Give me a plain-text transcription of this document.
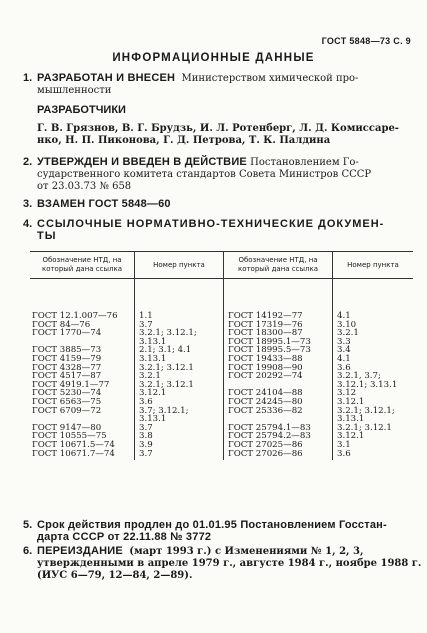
ГОСТ 5848—73 С. 9
ИНФОРМАЦИОННЫЕ ДАННЫЕ
1. РАЗРАБОТАН И ВНЕСЕН Министерством химической про-
мышленности
РАЗРАБОТЧИКИ
Г. В. Грязнов, В. Г. Брудзь, И. Л. Ротенберг, Л. Д. Комиссаре-
нко, Н. П. Пиконова, Г. Д. Петрова, Т. К. Палдина
2. УТВЕРЖДЕН И ВВЕДЕН В ДЕЙСТВИЕ Постановлением Го-
сударственного комитета стандартов Совета Министров СССР
от 23.03.73 № 658
3. ВЗАМЕН ГОСТ 5848—60
4. ССЫЛОЧНЫЕ НОРМАТИВНО-ТЕХНИЧЕСКИЕ ДОКУМЕН-
ТЫ
Обозначение НТД, на который дана ссылка	Номер пункта	Обозначение НТД, на который дана ссылка	Номер пункта
ГОСТ 12.1.007—76	1.1	ГОСТ 14192—77	4.1
ГОСТ 84—76	3.7	ГОСТ 17319—76	3.10
ГОСТ 1770—74	3.2.1; 3.12.1;	ГОСТ 18300—87	3.2.1
	3.13.1	ГОСТ 18995.1—73	3.3
ГОСТ 3885—73	2.1; 3.1; 4.1	ГОСТ 18995.5—73	3.4
ГОСТ 4159—79	3.13.1	ГОСТ 19433—88	4.1
ГОСТ 4328—77	3.2.1; 3.12.1	ГОСТ 19908—90	3.6
ГОСТ 4517—87	3.2.1	ГОСТ 20292—74	3.2.1, 3.7;
ГОСТ 4919.1—77	3.2.1; 3.12.1		3.12.1; 3.13.1
ГОСТ 5230—74	3.12.1	ГОСТ 24104—88	3.12
ГОСТ 6563—75	3.6	ГОСТ 24245—80	3.12.1
ГОСТ 6709—72	3.7; 3.12.1;	ГОСТ 25336—82	3.2.1; 3.12.1;
	3.13.1		3.13.1
ГОСТ 9147—80	3.7	ГОСТ 25794.1—83	3.2.1; 3.12.1
ГОСТ 10555—75	3.8	ГОСТ 25794.2—83	3.12.1
ГОСТ 10671.5—74	3.9	ГОСТ 27025—86	3.1
ГОСТ 10671.7—74	3.7	ГОСТ 27026—86	3.6
5. Срок действия продлен до 01.01.95 Постановлением Госстан-
дарта СССР от 22.11.88 № 3772
6. ПЕРЕИЗДАНИЕ (март 1993 г.) с Изменениями № 1, 2, 3,
утвержденными в апреле 1979 г., августе 1984 г., ноябре 1988 г.
(ИУС 6—79, 12—84, 2—89).
